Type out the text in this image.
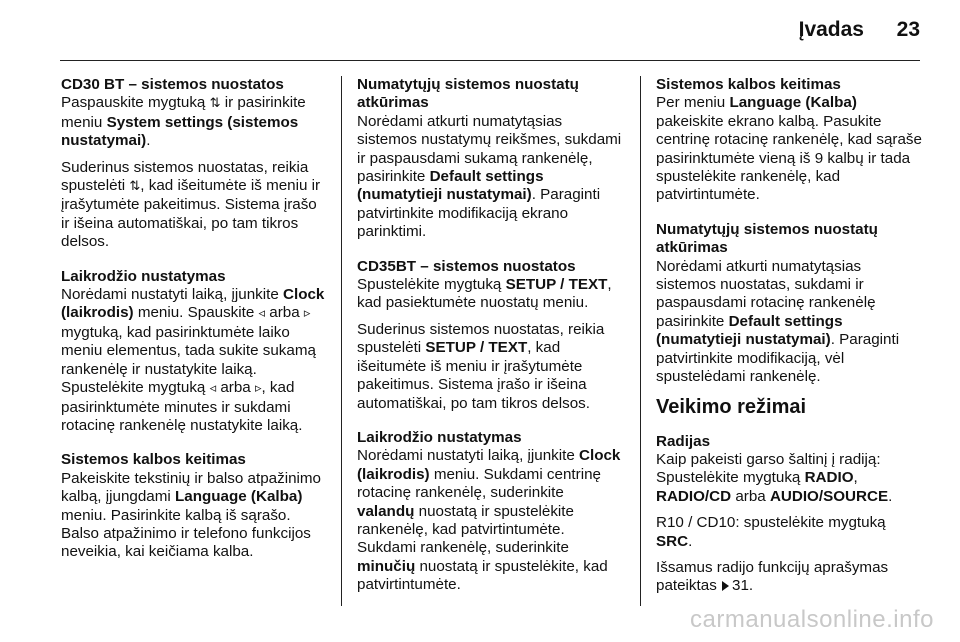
Įvadas 23
CD30 BT – sistemos nuostatos
Paspauskite mygtuką ⇅ ir pasirinkite meniu System settings (sistemos nustatymai).
Suderinus sistemos nuostatas, reikia spustelėti ⇅, kad išeitumėte iš meniu ir įrašytumėte pakeitimus. Sistema įrašo ir išeina automatiškai, po tam tikros delsos.
Laikrodžio nustatymas
Norėdami nustatyti laiką, įjunkite Clock (laikrodis) meniu. Spauskite ◃ arba ▹ mygtuką, kad pasirinktumėte laiko meniu elementus, tada sukite sukamą rankenėlę ir nustatykite laiką. Spustelėkite mygtuką ◃ arba ▹, kad pasirinktumėte minutes ir sukdami rotacinę rankenėlę nustatykite laiką.
Sistemos kalbos keitimas
Pakeiskite tekstinių ir balso atpažinimo kalbą, įjungdami Language (Kalba) meniu. Pasirinkite kalbą iš sąrašo. Balso atpažinimo ir telefono funkcijos neveikia, kai keičiama kalba.
Numatytųjų sistemos nuostatų atkūrimas
Norėdami atkurti numatytąsias sistemos nustatymų reikšmes, sukdami ir paspausdami sukamą rankenėlę, pasirinkite Default settings (numatytieji nustatymai). Paraginti patvirtinkite modifikaciją ekrano parinktimi.
CD35BT – sistemos nuostatos
Spustelėkite mygtuką SETUP / TEXT, kad pasiektumėte nuostatų meniu.
Suderinus sistemos nuostatas, reikia spustelėti SETUP / TEXT, kad išeitumėte iš meniu ir įrašytumėte pakeitimus. Sistema įrašo ir išeina automatiškai, po tam tikros delsos.
Laikrodžio nustatymas
Norėdami nustatyti laiką, įjunkite Clock (laikrodis) meniu. Sukdami centrinę rotacinę rankenėlę, suderinkite valandų nuostatą ir spustelėkite rankenėlę, kad patvirtintumėte. Sukdami rankenėlę, suderinkite minučių nuostatą ir spustelėkite, kad patvirtintumėte.
Sistemos kalbos keitimas
Per meniu Language (Kalba) pakeiskite ekrano kalbą. Pasukite centrinę rotacinę rankenėlę, kad sąraše pasirinktumėte vieną iš 9 kalbų ir tada spustelėkite rankenėlę, kad patvirtintumėte.
Numatytųjų sistemos nuostatų atkūrimas
Norėdami atkurti numatytąsias sistemos nuostatas, sukdami ir paspausdami rotacinę rankenėlę pasirinkite Default settings (numatytieji nustatymai). Paraginti patvirtinkite modifikaciją, vėl spustelėdami rankenėlę.
Veikimo režimai
Radijas
Kaip pakeisti garso šaltinį į radiją: Spustelėkite mygtuką RADIO, RADIO/CD arba AUDIO/SOURCE.
R10 / CD10: spustelėkite mygtuką SRC.
Išsamus radijo funkcijų aprašymas pateiktas 31.
carmanualsonline.info
